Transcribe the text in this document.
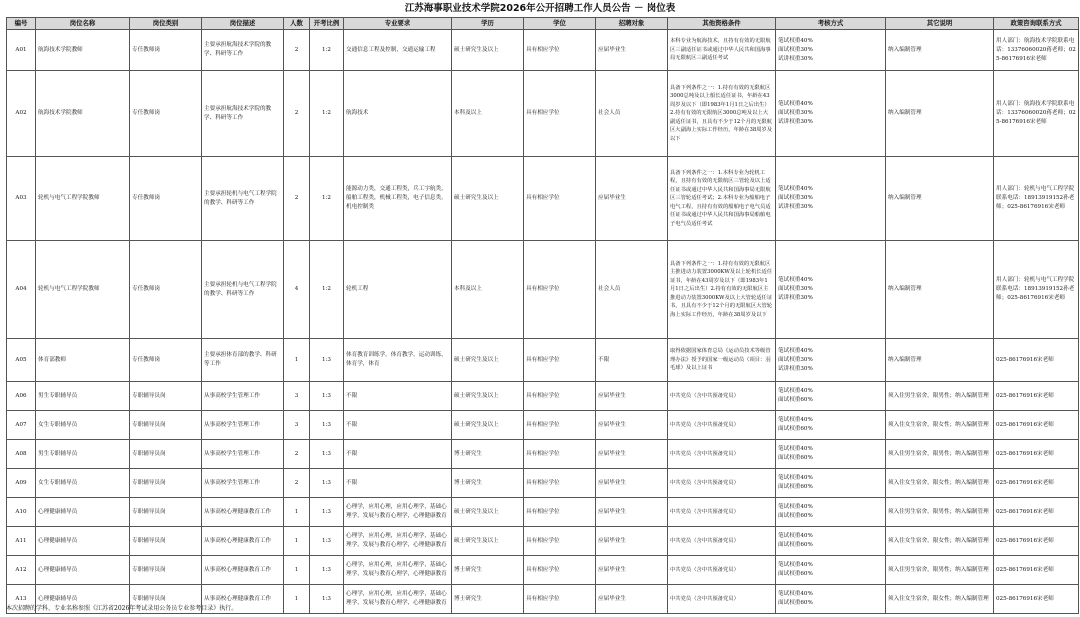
江苏海事职业技术学院2026年公开招聘工作人员公告 － 岗位表
编号	岗位名称	岗位类别	岗位描述	人数	开考比例	专业要求	学历	学位	招聘对象	其他资格条件	考核方式	其它说明	政策咨询联系方式
A01	航海技术学院教师	专任教师岗	主要承担航海技术学院的教学、科研等工作	2	1:2	交通信息工程及控制，交通运输工程	硕士研究生及以上	具有相应学位	应届毕业生	本科专业为航海技术，且持有有效的无限航区三副适任证书或通过中华人民共和国海事局无限航区三副适任考试	笔试权重40%
面试权重30%
试讲权重30%	纳入编制管理	用人部门：航海技术学院联系电话：13376060020蒋老师；025-86176916宋老师
A02	航海技术学院教师	专任教师岗	主要承担航海技术学院的教学、科研等工作	2	1:2	航海技术	本科及以上	具有相应学位	社会人员	具备下列条件之一：1.持有有效的无限航区3000总吨及以上船长适任证书，年龄在43周岁及以下（即1983年1月1日之后出生）2.持有有效的无限航区3000总吨及以上大副适任证书，且具有不少于12个月的无限航区大副海上实际工作经历，年龄在38周岁及以下	笔试权重40%
面试权重30%
试讲权重30%	纳入编制管理	用人部门：航海技术学院联系电话：13376060020蒋老师；025-86176916宋老师
A03	轮机与电气工程学院教师	专任教师岗	主要承担轮机与电气工程学院的教学、科研等工作	2	1:2	能源动力类，交通工程类，兵工字航类，船舶工程类，机械工程类，电子信息类，机电控制类	硕士研究生及以上	具有相应学位	应届毕业生	具备下列条件之一：1.本科专业为轮机工程，且持有有效的无限航区三管轮及以上适任证书或通过中华人民共和国海事局无限航区三管轮适任考试；2.本科专业为船舶电子电气工程，且持有有效的船舶电子电气员适任证书或通过中华人民共和国海事局船舶电子电气员适任考试	笔试权重40%
面试权重30%
试讲权重30%	纳入编制管理	用人部门：轮机与电气工程学院联系电话：18913919152孙老师；025-86176916宋老师
A04	轮机与电气工程学院教师	专任教师岗	主要承担轮机与电气工程学院的教学、科研等工作	4	1:2	轮机工程	本科及以上	具有相应学位	社会人员	具备下列条件之一：1.持有有效的无限航区主推进动力装置3000KW及以上轮机长适任证书，年龄在43周岁及以下（即1983年1月1日之后出生）2.持有有效的无限航区主推进动力装置3000KW及以上大管轮适任证书，且具有不少于12个月的无限航区大管轮海上实际工作经历，年龄在38周岁及以下	笔试权重40%
面试权重30%
试讲权重30%	纳入编制管理	用人部门：轮机与电气工程学院联系电话：18913919152孙老师；025-86176916宋老师
A05	体育部教师	专任教师岗	主要承担体育部的教学、科研等工作	1	1:3	体育教育训练学，体育教学，运动训练，体育学，体育	硕士研究生及以上	具有相应学位	不限	取得依据国家体育总局《运动员技术等级管理办法》授予的国家一级运动员（项目：羽毛球）及以上证书	笔试权重40%
面试权重30%
试讲权重30%	纳入编制管理	025-86176916宋老师
A06	男生专职辅导员	专职辅导员岗	从事高校学生管理工作	3	1:3	不限	硕士研究生及以上	具有相应学位	应届毕业生	中共党员（含中共预备党员）	笔试权重40%
面试权重60%	须入住男生宿舍，限男性；纳入编制管理	025-86176916宋老师
A07	女生专职辅导员	专职辅导员岗	从事高校学生管理工作	3	1:3	不限	硕士研究生及以上	具有相应学位	应届毕业生	中共党员（含中共预备党员）	笔试权重40%
面试权重60%	须入住女生宿舍，限女性；纳入编制管理	025-86176916宋老师
A08	男生专职辅导员	专职辅导员岗	从事高校学生管理工作	2	1:3	不限	博士研究生	具有相应学位	应届毕业生	中共党员（含中共预备党员）	笔试权重40%
面试权重60%	须入住男生宿舍，限男性；纳入编制管理	025-86176916宋老师
A09	女生专职辅导员	专职辅导员岗	从事高校学生管理工作	2	1:3	不限	博士研究生	具有相应学位	应届毕业生	中共党员（含中共预备党员）	笔试权重40%
面试权重60%	须入住女生宿舍，限女性；纳入编制管理	025-86176916宋老师
A10	心理健康辅导员	专职辅导员岗	从事高校心理健康教育工作	1	1:3	心理学，应用心理，应用心理学，基础心理学，发展与教育心理学，心理健康教育	硕士研究生及以上	具有相应学位	应届毕业生	中共党员（含中共预备党员）	笔试权重40%
面试权重60%	须入住男生宿舍，限男性；纳入编制管理	025-86176916宋老师
A11	心理健康辅导员	专职辅导员岗	从事高校心理健康教育工作	1	1:3	心理学，应用心理，应用心理学，基础心理学，发展与教育心理学，心理健康教育	硕士研究生及以上	具有相应学位	应届毕业生	中共党员（含中共预备党员）	笔试权重40%
面试权重60%	须入住女生宿舍，限女性；纳入编制管理	025-86176916宋老师
A12	心理健康辅导员	专职辅导员岗	从事高校心理健康教育工作	1	1:3	心理学，应用心理，应用心理学，基础心理学，发展与教育心理学，心理健康教育	博士研究生	具有相应学位	应届毕业生	中共党员（含中共预备党员）	笔试权重40%
面试权重60%	须入住男生宿舍，限男性；纳入编制管理	025-86176916宋老师
A13	心理健康辅导员	专职辅导员岗	从事高校心理健康教育工作	1	1:3	心理学，应用心理，应用心理学，基础心理学，发展与教育心理学，心理健康教育	博士研究生	具有相应学位	应届毕业生	中共党员（含中共预备党员）	笔试权重40%
面试权重60%	须入住女生宿舍，限女性；纳入编制管理	025-86176916宋老师
本次招聘的学科、专业名称参照《江苏省2026年考试录用公务员专业参考目录》执行。
